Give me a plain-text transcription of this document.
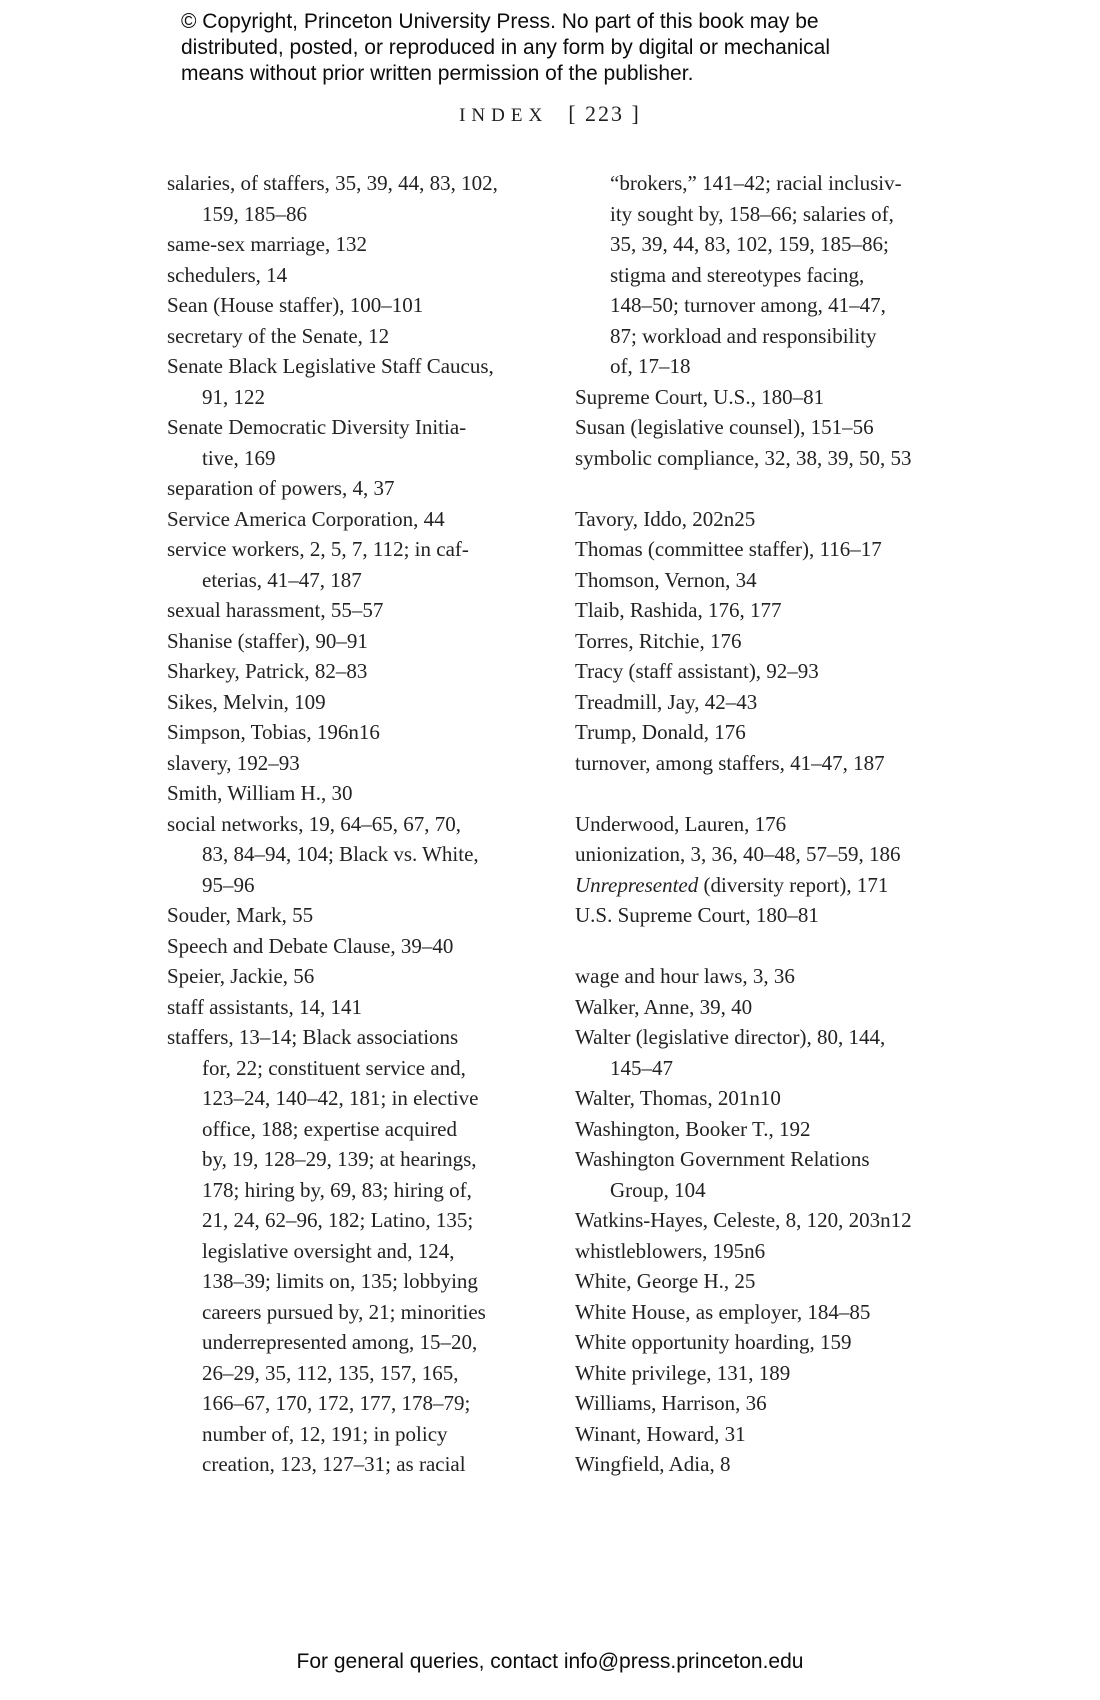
© Copyright, Princeton University Press. No part of this book may be
distributed, posted, or reproduced in any form by digital or mechanical
means without prior written permission of the publisher.
INDEX [ 223 ]
salaries, of staffers, 35, 39, 44, 83, 102,
159, 185–86
same-sex marriage, 132
schedulers, 14
Sean (House staffer), 100–101
secretary of the Senate, 12
Senate Black Legislative Staff Caucus,
91, 122
Senate Democratic Diversity Initia-
tive, 169
separation of powers, 4, 37
Service America Corporation, 44
service workers, 2, 5, 7, 112; in caf-
eterias, 41–47, 187
sexual harassment, 55–57
Shanise (staffer), 90–91
Sharkey, Patrick, 82–83
Sikes, Melvin, 109
Simpson, Tobias, 196n16
slavery, 192–93
Smith, William H., 30
social networks, 19, 64–65, 67, 70,
83, 84–94, 104; Black vs. White,
95–96
Souder, Mark, 55
Speech and Debate Clause, 39–40
Speier, Jackie, 56
staff assistants, 14, 141
staffers, 13–14; Black associations
for, 22; constituent service and,
123–24, 140–42, 181; in elective
office, 188; expertise acquired
by, 19, 128–29, 139; at hearings,
178; hiring by, 69, 83; hiring of,
21, 24, 62–96, 182; Latino, 135;
legislative oversight and, 124,
138–39; limits on, 135; lobbying
careers pursued by, 21; minorities
underrepresented among, 15–20,
26–29, 35, 112, 135, 157, 165,
166–67, 170, 172, 177, 178–79;
number of, 12, 191; in policy
creation, 123, 127–31; as racial
“brokers,” 141–42; racial inclusiv-
ity sought by, 158–66; salaries of,
35, 39, 44, 83, 102, 159, 185–86;
stigma and stereotypes facing,
148–50; turnover among, 41–47,
87; workload and responsibility
of, 17–18
Supreme Court, U.S., 180–81
Susan (legislative counsel), 151–56
symbolic compliance, 32, 38, 39, 50, 53
Tavory, Iddo, 202n25
Thomas (committee staffer), 116–17
Thomson, Vernon, 34
Tlaib, Rashida, 176, 177
Torres, Ritchie, 176
Tracy (staff assistant), 92–93
Treadmill, Jay, 42–43
Trump, Donald, 176
turnover, among staffers, 41–47, 187
Underwood, Lauren, 176
unionization, 3, 36, 40–48, 57–59, 186
Unrepresented (diversity report), 171
U.S. Supreme Court, 180–81
wage and hour laws, 3, 36
Walker, Anne, 39, 40
Walter (legislative director), 80, 144,
145–47
Walter, Thomas, 201n10
Washington, Booker T., 192
Washington Government Relations
Group, 104
Watkins-Hayes, Celeste, 8, 120, 203n12
whistleblowers, 195n6
White, George H., 25
White House, as employer, 184–85
White opportunity hoarding, 159
White privilege, 131, 189
Williams, Harrison, 36
Winant, Howard, 31
Wingfield, Adia, 8
For general queries, contact info@press.princeton.edu
